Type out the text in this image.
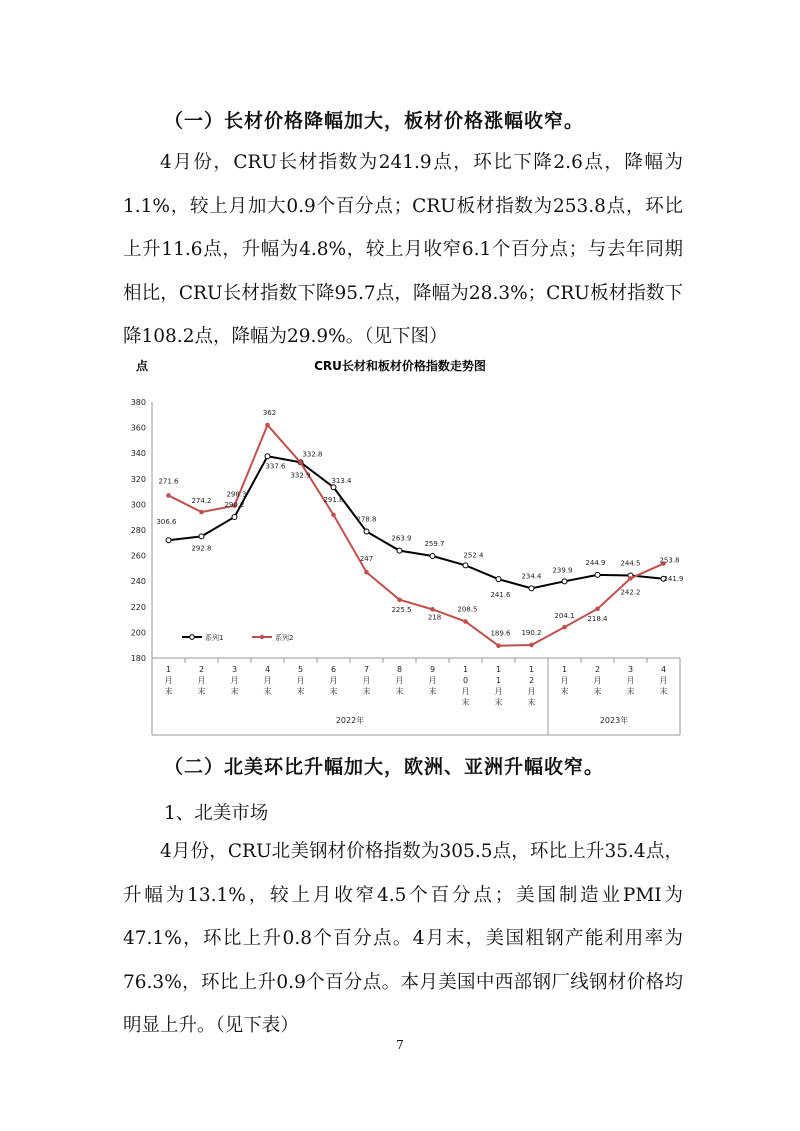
（一）长材价格降幅加大，板材价格涨幅收窄。
4月份，CRU长材指数为241.9点，环比下降2.6点，降幅为1.1%，较上月加大0.9个百分点；CRU板材指数为253.8点，环比上升11.6点，升幅为4.8%，较上月收窄6.1个百分点；与去年同期相比，CRU长材指数下降95.7点，降幅为28.3%；CRU板材指数下降108.2点，降幅为29.9%。（见下图）
点	CRU长材和板材价格指数走势图
180
200
220
240
260
280
300
320
340
360
380
1
月
末
2
月
末
3
月
末
4
月
末
5
月
末
6
月
末
7
月
末
8
月
末
9
月
末
1
0
月
末
1
1
月
末
1
2
月
末
1
月
末
2
月
末
3
月
末
4
月
末
2022年	2023年
306.6
292.8
290.2
337.6
332.9
313.4
278.8
263.9
259.7
252.4
241.6
234.4
239.9
244.9 244.5
241.9
271.6
274.2
298.3
362
332.8
291.8
247
225.5
218
208.5
189.6 190.2
204.1 218.4
242.2
253.8
系列1	系列2
（二）北美环比升幅加大，欧洲、亚洲升幅收窄。
1、北美市场
4月份，CRU北美钢材价格指数为305.5点，环比上升35.4点，升幅为13.1%，较上月收窄4.5个百分点；美国制造业PMI为47.1%，环比上升0.8个百分点。4月末，美国粗钢产能利用率为76.3%，环比上升0.9个百分点。本月美国中西部钢厂线钢材价格均明显上升。（见下表）
7
